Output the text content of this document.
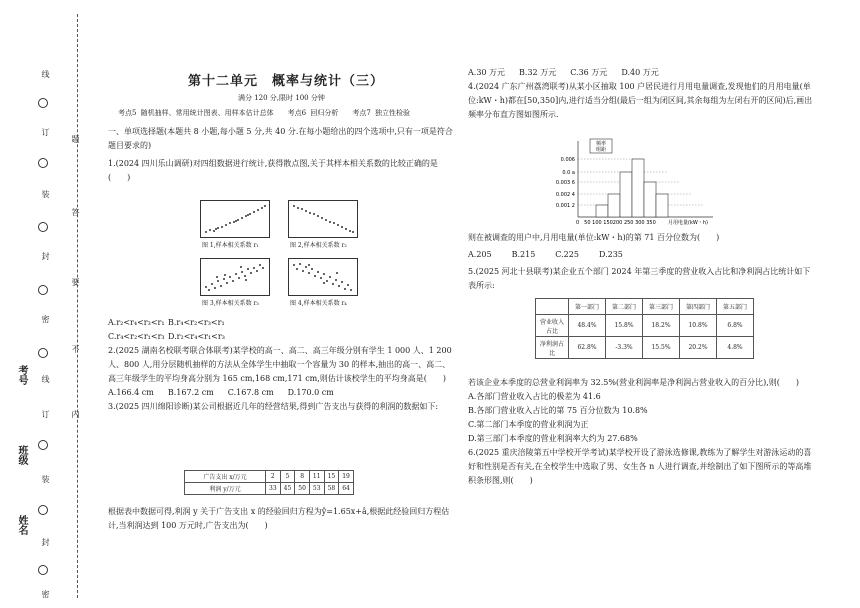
姓名
班级
考号
线
题
订
答
装
要
封
不
密
内
线
订
装
封
密
第十二单元　概率与统计（三）
满分 120 分,限时 100 分钟
考点5 随机抽样、常用统计图表、用样本估计总体　　考点6 回归分析　　考点7 独立性检验

一、单项选择题(本题共 8 小题,每小题 5 分,共 40 分.在每小题给出的四个选项中,只有一项是符合题目要求的)

1.(2024 四川乐山调研)对四组数据进行统计,获得散点图,关于其样本相关系数的比较正确的是(　　)

图 1,样本相关系数 r₁	图 2,样本相关系数 r₂
图 3,样本相关系数 r₃	图 4,样本相关系数 r₄

A.r₂<r₄<r₃<r₁ B.r₄<r₂<r₃<r₁

C.r₄<r₂<r₁<r₃ D.r₂<r₄<r₁<r₃

2.(2025 湖南名校联考联合体联考)某学校的高一、高二、高三年级分别有学生 1 000 人、1 200 人、800 人,用分层随机抽样的方法从全体学生中抽取一个容量为 30 的样本,抽出的高一、高二、高三年级学生的平均身高分别为 165 cm,168 cm,171 cm,则估计该校学生的平均身高是(　　)

A.166.4 cm B.167.2 cm C.167.8 cm D.170.0 cm

3.(2025 四川绵阳诊断)某公司根据近几年的经营结果,得到广告支出与获得的利润的数据如下:

广告支出 x/万元	2	5	8	11	15	19
利润 y/万元	33	45	50	53	58	64

根据表中数据可得,利润 y 关于广告支出 x 的经验回归方程为ŷ=1.65x+â,根据此经验回归方程估计,当利润达到 100 万元时,广告支出为(　　)

A.30 万元 B.32 万元 C.36 万元 D.40 万元

4.(2024 广东广州荔湾联考)从某小区抽取 100 户居民进行月用电量调查,发现他们的月用电量(单位:kW・h)都在[50,350]内,进行适当分组(最后一组为闭区间,其余每组为左闭右开的区间)后,画出频率分布直方图如图所示.

频率
组距
0.006
0.0 a
0.003 6
0.002 4
0.001 2
0　50 100 150200 250 300 350 月用电量(kW・h)

则在被调查的用户中,月用电量(单位:kW・h)的第 71 百分位数为(　　)

A.205	B.215	C.225	D.235

5.(2025 河北十县联考)某企业五个部门 2024 年第三季度的营业收入占比和净利润占比统计如下表所示:

	第一部门	第二部门	第三部门	第四部门	第五部门
营业收入占比	48.4%	15.8%	18.2%	10.8%	6.8%
净利润占比	62.8%	-3.3%	15.5%	20.2%	4.8%

若该企业本季度的总营业利润率为 32.5%(营业利润率是净利润占营业收入的百分比),则(　　)

A.各部门营业收入占比的极差为 41.6

B.各部门营业收入占比的第 75 百分位数为 10.8%

C.第二部门本季度的营业利润为正

D.第三部门本季度的营业利润率大约为 27.68%

6.(2025 重庆涪陵第五中学校开学考试)某学校开设了游泳选修课,教练为了解学生对游泳运动的喜好和性别是否有关,在全校学生中选取了男、女生各 n 人进行调查,并绘制出了如下图所示的等高堆积条形图,则(　　)
